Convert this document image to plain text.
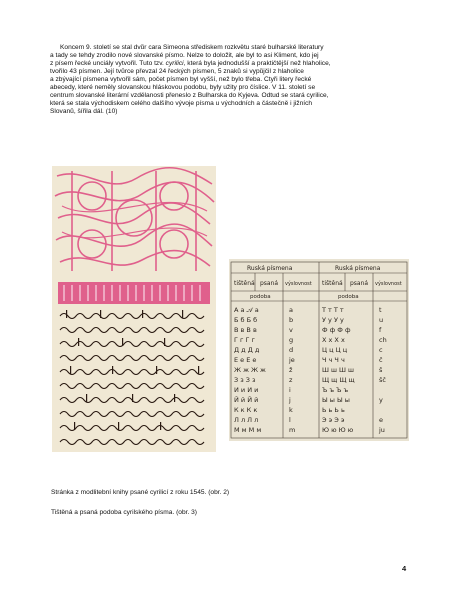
Koncem 9. století se stal dvůr cara Simeona střediskem rozkvětu staré bulharské literatury
a tady se tehdy zrodilo nové slovanské písmo. Nelze to doložit, ale byl to asi Kliment, kdo jej
z písem řecké unciály vytvořil. Tuto tzv. cyrilici, která byla jednodušší a praktičtější než hlaholice,
tvořilo 43 písmen. Její tvůrce převzal 24 řeckých písmen, 5 znaků si vypůjčil z hlaholice
a zbývající písmena vytvořil sám, počet písmen byl vyšší, než bylo třeba. Čtyři litery řecké
abecedy, které neměly slovanskou hláskovou podobu, byly užity pro číslice. V 11. století se
centrum slovanské literární vzdělanosti přeneslo z Bulharska do Kyjeva. Odtud se stará cyrilice,
která se stala východiskem celého dalšího vývoje písma u východních a částečně i jižních
Slovanů, šířila dál. (10)
Ruská písmena	Ruská písmena
tištěná psaná výslovnost tištěná psaná výslovnost
podoba	podoba
А а 𝒜 а	a	Т т Т т	t
Б б Б б	b	У у У у	u
В в В в	v	Ф ф Ф ф	f
Г г Г г	g	Х х Х х	ch
Д д Д д	d	Ц ц Ц ц	c
Е е Е е	je	Ч ч Ч ч	č
Ж ж Ж ж	ž	Ш ш Ш ш	š
З з З з	z	Щ щ Щ щ	šč
И и И и	i	Ъ ъ Ъ ъ
Й й Й й	j	Ы ы Ы ы	y
К к К к	k	Ь ь Ь ь
Л л Л л	l	Э э Э э	e
М м М м	m	Ю ю Ю ю	ju
Stránka z modlitební knihy psané cyrilicí z roku 1545. (obr. 2)
Tištěná a psaná podoba cyrilského písma. (obr. 3)
4
